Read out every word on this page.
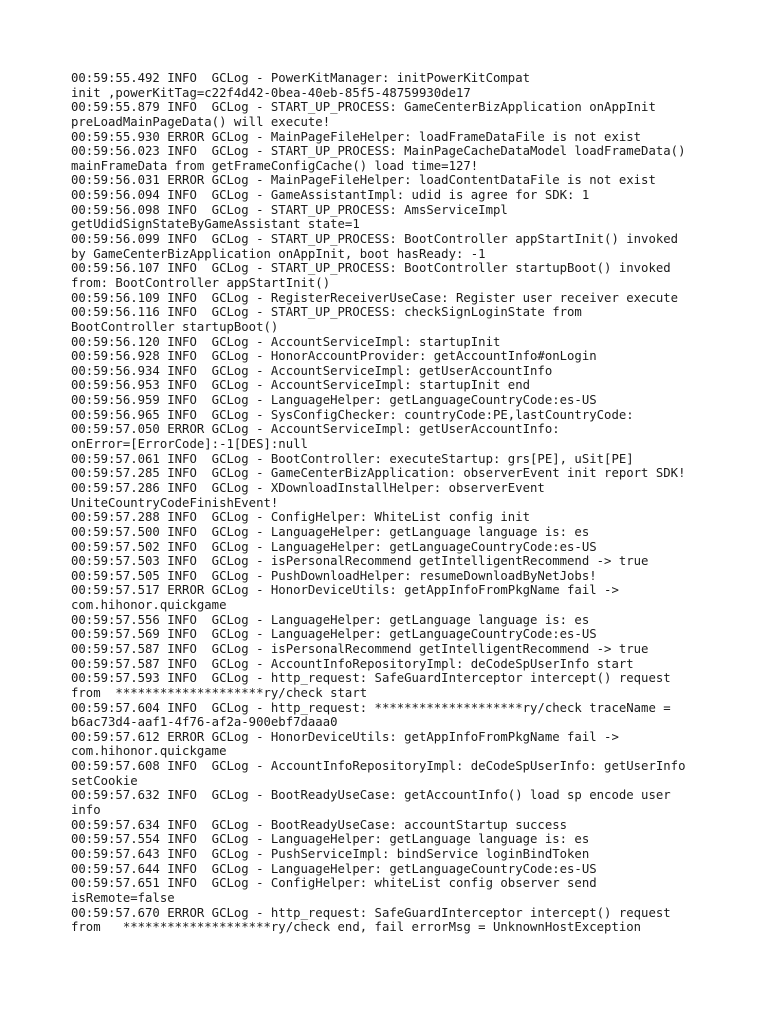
00:59:55.492 INFO  GCLog - PowerKitManager: initPowerKitCompat
init ,powerKitTag=c22f4d42-0bea-40eb-85f5-48759930de17
00:59:55.879 INFO  GCLog - START_UP_PROCESS: GameCenterBizApplication onAppInit
preLoadMainPageData() will execute!
00:59:55.930 ERROR GCLog - MainPageFileHelper: loadFrameDataFile is not exist
00:59:56.023 INFO  GCLog - START_UP_PROCESS: MainPageCacheDataModel loadFrameData()
mainFrameData from getFrameConfigCache() load time=127!
00:59:56.031 ERROR GCLog - MainPageFileHelper: loadContentDataFile is not exist
00:59:56.094 INFO  GCLog - GameAssistantImpl: udid is agree for SDK: 1
00:59:56.098 INFO  GCLog - START_UP_PROCESS: AmsServiceImpl
getUdidSignStateByGameAssistant state=1
00:59:56.099 INFO  GCLog - START_UP_PROCESS: BootController appStartInit() invoked
by GameCenterBizApplication onAppInit, boot hasReady: -1
00:59:56.107 INFO  GCLog - START_UP_PROCESS: BootController startupBoot() invoked
from: BootController appStartInit()
00:59:56.109 INFO  GCLog - RegisterReceiverUseCase: Register user receiver execute
00:59:56.116 INFO  GCLog - START_UP_PROCESS: checkSignLoginState from
BootController startupBoot()
00:59:56.120 INFO  GCLog - AccountServiceImpl: startupInit
00:59:56.928 INFO  GCLog - HonorAccountProvider: getAccountInfo#onLogin
00:59:56.934 INFO  GCLog - AccountServiceImpl: getUserAccountInfo
00:59:56.953 INFO  GCLog - AccountServiceImpl: startupInit end
00:59:56.959 INFO  GCLog - LanguageHelper: getLanguageCountryCode:es-US
00:59:56.965 INFO  GCLog - SysConfigChecker: countryCode:PE,lastCountryCode:
00:59:57.050 ERROR GCLog - AccountServiceImpl: getUserAccountInfo:
onError=[ErrorCode]:-1[DES]:null
00:59:57.061 INFO  GCLog - BootController: executeStartup: grs[PE], uSit[PE]
00:59:57.285 INFO  GCLog - GameCenterBizApplication: observerEvent init report SDK!
00:59:57.286 INFO  GCLog - XDownloadInstallHelper: observerEvent
UniteCountryCodeFinishEvent!
00:59:57.288 INFO  GCLog - ConfigHelper: WhiteList config init
00:59:57.500 INFO  GCLog - LanguageHelper: getLanguage language is: es
00:59:57.502 INFO  GCLog - LanguageHelper: getLanguageCountryCode:es-US
00:59:57.503 INFO  GCLog - isPersonalRecommend getIntelligentRecommend -> true
00:59:57.505 INFO  GCLog - PushDownloadHelper: resumeDownloadByNetJobs!
00:59:57.517 ERROR GCLog - HonorDeviceUtils: getAppInfoFromPkgName fail ->
com.hihonor.quickgame
00:59:57.556 INFO  GCLog - LanguageHelper: getLanguage language is: es
00:59:57.569 INFO  GCLog - LanguageHelper: getLanguageCountryCode:es-US
00:59:57.587 INFO  GCLog - isPersonalRecommend getIntelligentRecommend -> true
00:59:57.587 INFO  GCLog - AccountInfoRepositoryImpl: deCodeSpUserInfo start
00:59:57.593 INFO  GCLog - http_request: SafeGuardInterceptor intercept() request
from  ********************ry/check start
00:59:57.604 INFO  GCLog - http_request: ********************ry/check traceName =
b6ac73d4-aaf1-4f76-af2a-900ebf7daaa0
00:59:57.612 ERROR GCLog - HonorDeviceUtils: getAppInfoFromPkgName fail ->
com.hihonor.quickgame
00:59:57.608 INFO  GCLog - AccountInfoRepositoryImpl: deCodeSpUserInfo: getUserInfo
setCookie
00:59:57.632 INFO  GCLog - BootReadyUseCase: getAccountInfo() load sp encode user
info
00:59:57.634 INFO  GCLog - BootReadyUseCase: accountStartup success
00:59:57.554 INFO  GCLog - LanguageHelper: getLanguage language is: es
00:59:57.643 INFO  GCLog - PushServiceImpl: bindService loginBindToken
00:59:57.644 INFO  GCLog - LanguageHelper: getLanguageCountryCode:es-US
00:59:57.651 INFO  GCLog - ConfigHelper: whiteList config observer send
isRemote=false
00:59:57.670 ERROR GCLog - http_request: SafeGuardInterceptor intercept() request
from   ********************ry/check end, fail errorMsg = UnknownHostException
